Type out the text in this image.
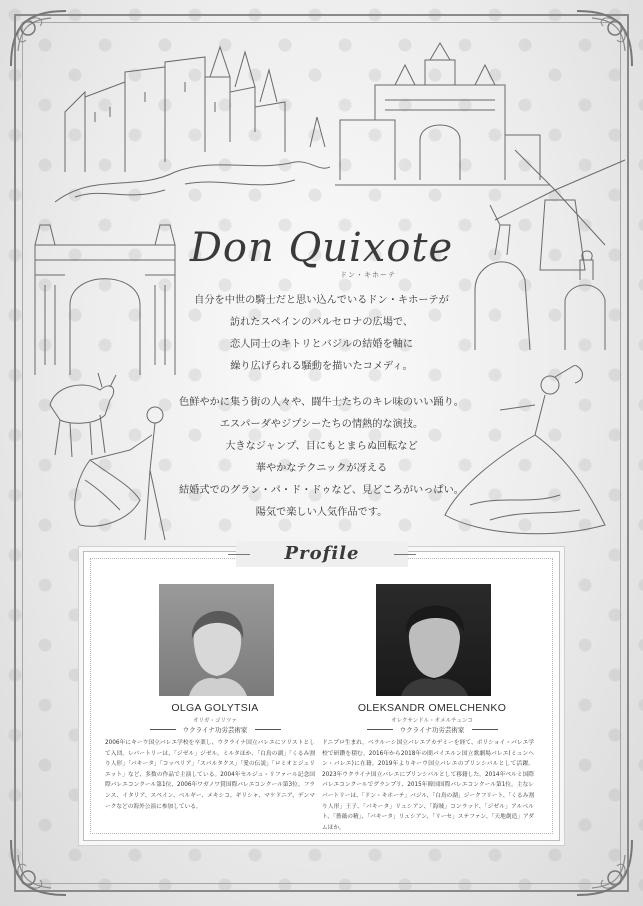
Don Quixote
ドン・キホーテ

自分を中世の騎士だと思い込んでいるドン・キホーテが

訪れたスペインのバルセロナの広場で、

恋人同士のキトリとバジルの結婚を軸に

繰り広げられる騒動を描いたコメディ。

色鮮やかに集う街の人々や、闘牛士たちのキレ味のいい踊り。

エスパーダやジプシーたちの情熱的な演技。

大きなジャンプ、目にもとまらぬ回転など

華やかなテクニックが冴える

結婚式でのグラン・パ・ド・ドゥなど、見どころがいっぱい。

陽気で楽しい人気作品です。

Profile
OLGA GOLYTSIA
オリガ・ゴリツァ
ウクライナ功労芸術家
2006年にキーウ国立バレエ学校を卒業し、ウクライナ国立バレエにソリストとして入団。レパートリーは、「ジゼル」ジゼル、ミルタほか、「白鳥の湖」「くるみ割り人形」「パキータ」「コッペリア」「スパルタクス」「愛の伝説」「ロミオとジュリエット」など、多数の作品で主演している。2004年セルジュ・リファール記念国際バレエコンクール第1位、2006年ワガノワ賞国際バレエコンクール第3位。フランス、イタリア、スペイン、ベルギー、メキシコ、ギリシャ、マケドニア、デンマークなどの海外公演に参加している。
OLEKSANDR OMELCHENKO
オレクサンドル・オメルチェンコ
ウクライナ功労芸術家
ドニプロ生まれ。ベラルーシ国立バレエアカデミーを経て、ボリショイ・バレエ学校で研鑽を積む。2016年から2018年の間バイエルン国立歌劇場バレエ(ミュンヘン・バレエ)に在籍。2019年よりキーウ国立バレエのプリンシパルとして活躍。2023年ウクライナ国立バレエにプリンシパルとして移籍した。2014年ペルミ国際バレエコンクールでグランプリ、2015年韓国国際バレエコンクール第1位。主なレパートリーは、「ドン・キホーテ」バジル、「白鳥の湖」ジークフリート、「くるみ割り人形」王子、「パキータ」リュシアン、「海賊」コンラッド、「ジゼル」アルベルト、「薔薇の精」、「パキータ」リュシアン、「リーセ」ステファン、「天地創造」アダムほか。
